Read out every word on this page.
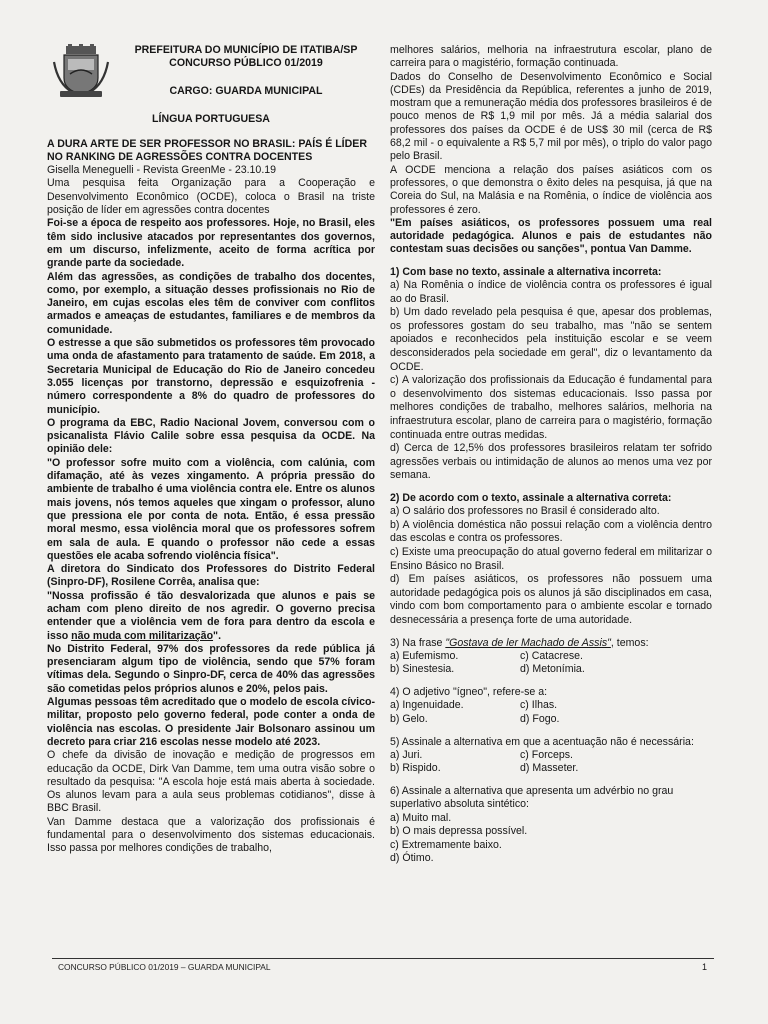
PREFEITURA DO MUNICÍPIO DE ITATIBA/SP
CONCURSO PÚBLICO 01/2019
CARGO: GUARDA MUNICIPAL
LÍNGUA PORTUGUESA
A DURA ARTE DE SER PROFESSOR NO BRASIL: PAÍS É LÍDER NO RANKING DE AGRESSÕES CONTRA DOCENTES
Gisella Meneguelli - Revista GreenMe - 23.10.19

Uma pesquisa feita Organização para a Cooperação e Desenvolvimento Econômico (OCDE), coloca o Brasil na triste posição de líder em agressões contra docentes

Foi-se a época de respeito aos professores. Hoje, no Brasil, eles têm sido inclusive atacados por representantes dos governos, em um discurso, infelizmente, aceito de forma acrítica por grande parte da sociedade.

Além das agressões, as condições de trabalho dos docentes, como, por exemplo, a situação desses profissionais no Rio de Janeiro, em cujas escolas eles têm de conviver com conflitos armados e ameaças de estudantes, familiares e de membros da comunidade.

O estresse a que são submetidos os professores têm provocado uma onda de afastamento para tratamento de saúde. Em 2018, a Secretaria Municipal de Educação do Rio de Janeiro concedeu 3.055 licenças por transtorno, depressão e esquizofrenia - número correspondente a 8% do quadro de professores do município.

O programa da EBC, Radio Nacional Jovem, conversou com o psicanalista Flávio Calile sobre essa pesquisa da OCDE. Na opinião dele:

"O professor sofre muito com a violência, com calúnia, com difamação, até às vezes xingamento. A própria pressão do ambiente de trabalho é uma violência contra ele. Entre os alunos mais jovens, nós temos aqueles que xingam o professor, aluno que pressiona ele por conta de nota. Então, é essa pressão moral mesmo, essa violência moral que os professores sofrem em sala de aula. E quando o professor não cede a essas questões ele acaba sofrendo violência física".

A diretora do Sindicato dos Professores do Distrito Federal (Sinpro-DF), Rosilene Corrêa, analisa que:

"Nossa profissão é tão desvalorizada que alunos e pais se acham com pleno direito de nos agredir. O governo precisa entender que a violência vem de fora para dentro da escola e isso não muda com militarização".

No Distrito Federal, 97% dos professores da rede pública já presenciaram algum tipo de violência, sendo que 57% foram vítimas dela. Segundo o Sinpro-DF, cerca de 40% das agressões são cometidas pelos próprios alunos e 20%, pelos pais.

Algumas pessoas têm acreditado que o modelo de escola cívico-militar, proposto pelo governo federal, pode conter a onda de violência nas escolas. O presidente Jair Bolsonaro assinou um decreto para criar 216 escolas nesse modelo até 2023.

O chefe da divisão de inovação e medição de progressos em educação da OCDE, Dirk Van Damme, tem uma outra visão sobre o resultado da pesquisa: "A escola hoje está mais aberta à sociedade. Os alunos levam para a aula seus problemas cotidianos", disse à BBC Brasil.

Van Damme destaca que a valorização dos profissionais é fundamental para o desenvolvimento dos sistemas educacionais. Isso passa por melhores condições de trabalho,

melhores salários, melhoria na infraestrutura escolar, plano de carreira para o magistério, formação continuada.

Dados do Conselho de Desenvolvimento Econômico e Social (CDEs) da Presidência da República, referentes a junho de 2019, mostram que a remuneração média dos professores brasileiros é de pouco menos de R$ 1,9 mil por mês. Já a média salarial dos professores dos países da OCDE é de US$ 30 mil (cerca de R$ 68,2 mil - o equivalente a R$ 5,7 mil por mês), o triplo do valor pago pelo Brasil.

A OCDE menciona a relação dos países asiáticos com os professores, o que demonstra o êxito deles na pesquisa, já que na Coreia do Sul, na Malásia e na Romênia, o índice de violência aos professores é zero.

"Em países asiáticos, os professores possuem uma real autoridade pedagógica. Alunos e pais de estudantes não contestam suas decisões ou sanções", pontua Van Damme.

1) Com base no texto, assinale a alternativa incorreta:

a) Na Romênia o índice de violência contra os professores é igual ao do Brasil.

b) Um dado revelado pela pesquisa é que, apesar dos problemas, os professores gostam do seu trabalho, mas "não se sentem apoiados e reconhecidos pela instituição escolar e se veem desconsiderados pela sociedade em geral", diz o levantamento da OCDE.

c) A valorização dos profissionais da Educação é fundamental para o desenvolvimento dos sistemas educacionais. Isso passa por melhores condições de trabalho, melhores salários, melhoria na infraestrutura escolar, plano de carreira para o magistério, formação continuada entre outras medidas.

d) Cerca de 12,5% dos professores brasileiros relatam ter sofrido agressões verbais ou intimidação de alunos ao menos uma vez por semana.

2) De acordo com o texto, assinale a alternativa correta:

a) O salário dos professores no Brasil é considerado alto.

b) A violência doméstica não possui relação com a violência dentro das escolas e contra os professores.

c) Existe uma preocupação do atual governo federal em militarizar o Ensino Básico no Brasil.

d) Em países asiáticos, os professores não possuem uma autoridade pedagógica pois os alunos já são disciplinados em casa, vindo com bom comportamento para o ambiente escolar e tornado desnecessária a presença forte de uma autoridade.

3) Na frase "Gostava de ler Machado de Assis", temos:
a) Eufemismo.	c) Catacrese.
b) Sinestesia.	d) Metonímia.
4) O adjetivo "ígneo", refere-se a:
a) Ingenuidade.	c) Ilhas.
b) Gelo.	d) Fogo.
5) Assinale a alternativa em que a acentuação não é necessária:
a) Juri.	c) Forceps.
b) Rispido.	d) Masseter.
6) Assinale a alternativa que apresenta um advérbio no grau superlativo absoluta sintético:
a) Muito mal.
b) O mais depressa possível.
c) Extremamente baixo.
d) Ótimo.
CONCURSO PÚBLICO 01/2019 – GUARDA MUNICIPAL	1
